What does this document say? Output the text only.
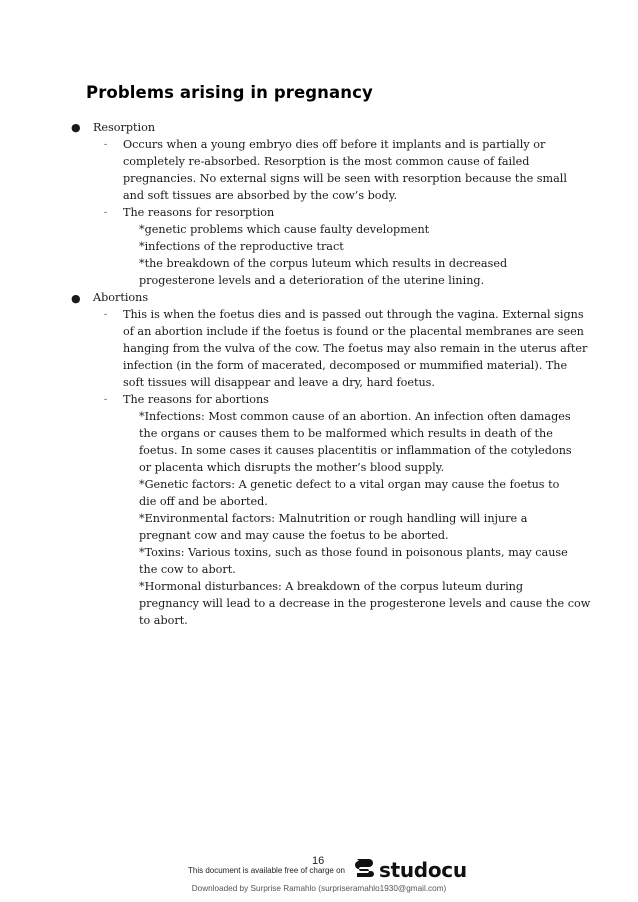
Problems arising in pregnancy
● Resorption
- Occurs when a young embryo dies off before it implants and is partially or
completely re-absorbed. Resorption is the most common cause of failed
pregnancies. No external signs will be seen with resorption because the small
and soft tissues are absorbed by the cow’s body.
- The reasons for resorption
*genetic problems which cause faulty development
*infections of the reproductive tract
*the breakdown of the corpus luteum which results in decreased
progesterone levels and a deterioration of the uterine lining.
● Abortions
- This is when the foetus dies and is passed out through the vagina. External signs
of an abortion include if the foetus is found or the placental membranes are seen
hanging from the vulva of the cow. The foetus may also remain in the uterus after
infection (in the form of macerated, decomposed or mummified material). The
soft tissues will disappear and leave a dry, hard foetus.
- The reasons for abortions
*Infections: Most common cause of an abortion. An infection often damages
the organs or causes them to be malformed which results in death of the
foetus. In some cases it causes placentitis or inflammation of the cotyledons
or placenta which disrupts the mother’s blood supply.
*Genetic factors: A genetic defect to a vital organ may cause the foetus to
die off and be aborted.
*Environmental factors: Malnutrition or rough handling will injure a
pregnant cow and may cause the foetus to be aborted.
*Toxins: Various toxins, such as those found in poisonous plants, may cause
the cow to abort.
*Hormonal disturbances: A breakdown of the corpus luteum during
pregnancy will lead to a decrease in the progesterone levels and cause the cow
to abort.
16
This document is available free of charge on studocu
Downloaded by Surprise Ramahlo (surpriseramahlo1930@gmail.com)
